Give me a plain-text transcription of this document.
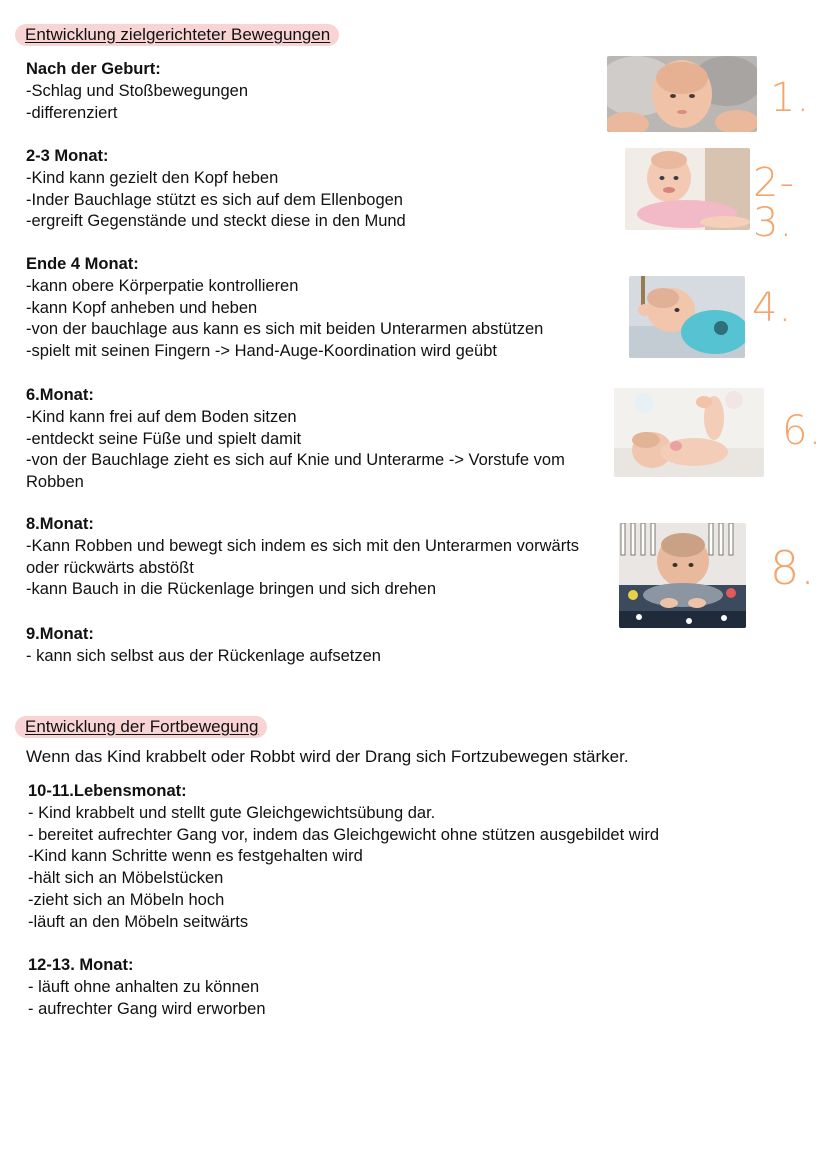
Entwicklung zielgerichteter Bewegungen
Nach der Geburt:
-Schlag und Stoßbewegungen
-differenziert
2-3 Monat:
-Kind kann gezielt den Kopf heben
-Inder Bauchlage stützt es sich auf dem Ellenbogen
-ergreift Gegenstände und steckt diese in den Mund
Ende 4 Monat:
-kann obere Körperpatie kontrollieren
-kann Kopf anheben und heben
-von der bauchlage aus kann es sich mit beiden Unterarmen abstützen
-spielt mit seinen Fingern -> Hand-Auge-Koordination wird geübt
6.Monat:
-Kind kann frei auf dem Boden sitzen
-entdeckt seine Füße und spielt damit
-von der Bauchlage zieht es sich auf Knie und Unterarme -> Vorstufe vom Robben
8.Monat:
-Kann Robben und bewegt sich indem es sich mit den Unterarmen vorwärts oder rückwärts abstößt
-kann Bauch in die Rückenlage bringen und sich drehen
9.Monat:
- kann sich selbst aus der Rückenlage aufsetzen
Entwicklung der Fortbewegung
Wenn das Kind krabbelt oder Robbt wird der Drang sich Fortzubewegen stärker.
10-11.Lebensmonat:
- Kind krabbelt und stellt gute Gleichgewichtsübung dar.
- bereitet aufrechter Gang vor, indem das Gleichgewicht ohne stützen ausgebildet wird
-Kind kann Schritte wenn es festgehalten wird
-hält sich an Möbelstücken
-zieht sich an Möbeln hoch
-läuft an den Möbeln seitwärts
12-13. Monat:
- läuft ohne anhalten zu können
- aufrechter Gang wird erworben
1.
2-3.
4.
6.
8.
